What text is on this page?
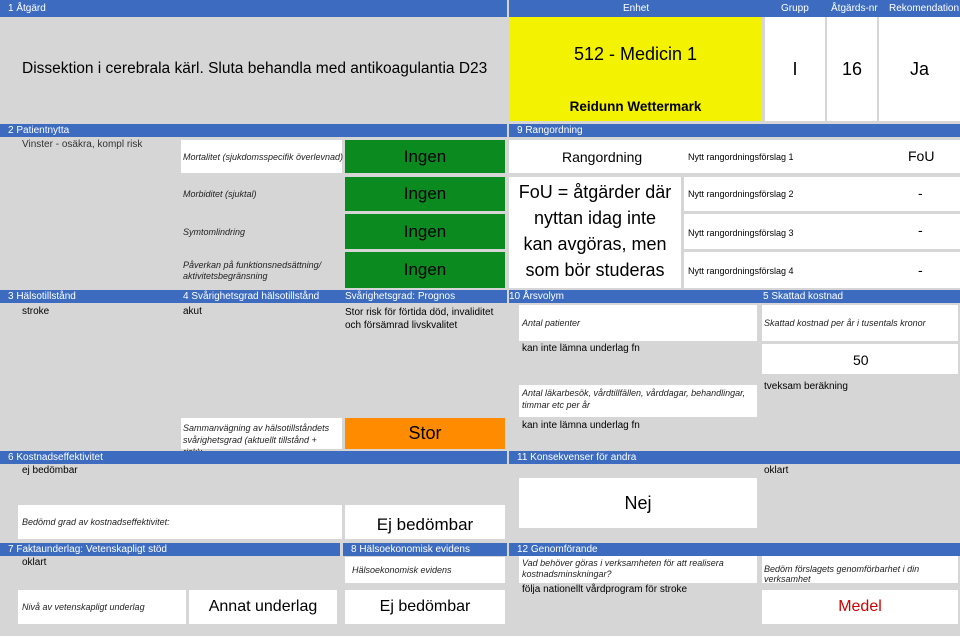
1 Åtgärd	Enhet	Grupp Åtgärds-nr Rekomendation
Dissektion i cerebrala kärl. Sluta behandla med antikoagulantia D23
512 - Medicin 1
Reidunn Wettermark
I	16	Ja
2 Patientnytta
Vinster - osäkra, kompl risk
Mortalitet (sjukdomsspecifik överlevnad)	Ingen
Morbiditet (sjuktal)	Ingen
Symtomlindring	Ingen
Påverkan på funktionsnedsättning/ aktivitetsbegränsning	Ingen
9 Rangordning
Rangordning	Nytt rangordningsförslag 1	FoU
FoU = åtgärder där nyttan idag inte kan avgöras, men som bör studeras
Nytt rangordningsförslag 2	-
Nytt rangordningsförslag 3	-
Nytt rangordningsförslag 4	-
3 Hälsotillstånd	4 Svårighetsgrad hälsotillstånd	Svårighetsgrad: Prognos
stroke	akut	Stor risk för förtida död, invaliditet och försämrad livskvalitet
Sammanvägning av hälsotillståndets svårighetsgrad (aktuellt tillstånd +	Stor
10 Årsvolym	5 Skattad kostnad
Antal patienter
kan inte lämna underlag fn
Skattad kostnad per år i tusentals kronor
50
Antal läkarbesök, vårdtillfällen, vårddagar, behandlingar, timmar etc per år
kan inte lämna underlag fn
tveksam beräkning
6 Kostnadseffektivitet
ej bedömbar
Bedömd grad av kostnadseffektivitet:	Ej bedömbar
11 Konsekvenser för andra
Nej
oklart
7 Faktaunderlag: Vetenskapligt stöd
oklart
Nivå av vetenskapligt underlag	Annat underlag
8 Hälsoekonomisk evidens
Hälsoekonomisk evidens
Ej bedömbar
12 Genomförande
Vad behöver göras i verksamheten för att realisera kostnadsminskningar?
följa nationellt vårdprogram för stroke
Bedöm förslagets genomförbarhet i din verksamhet
Medel
